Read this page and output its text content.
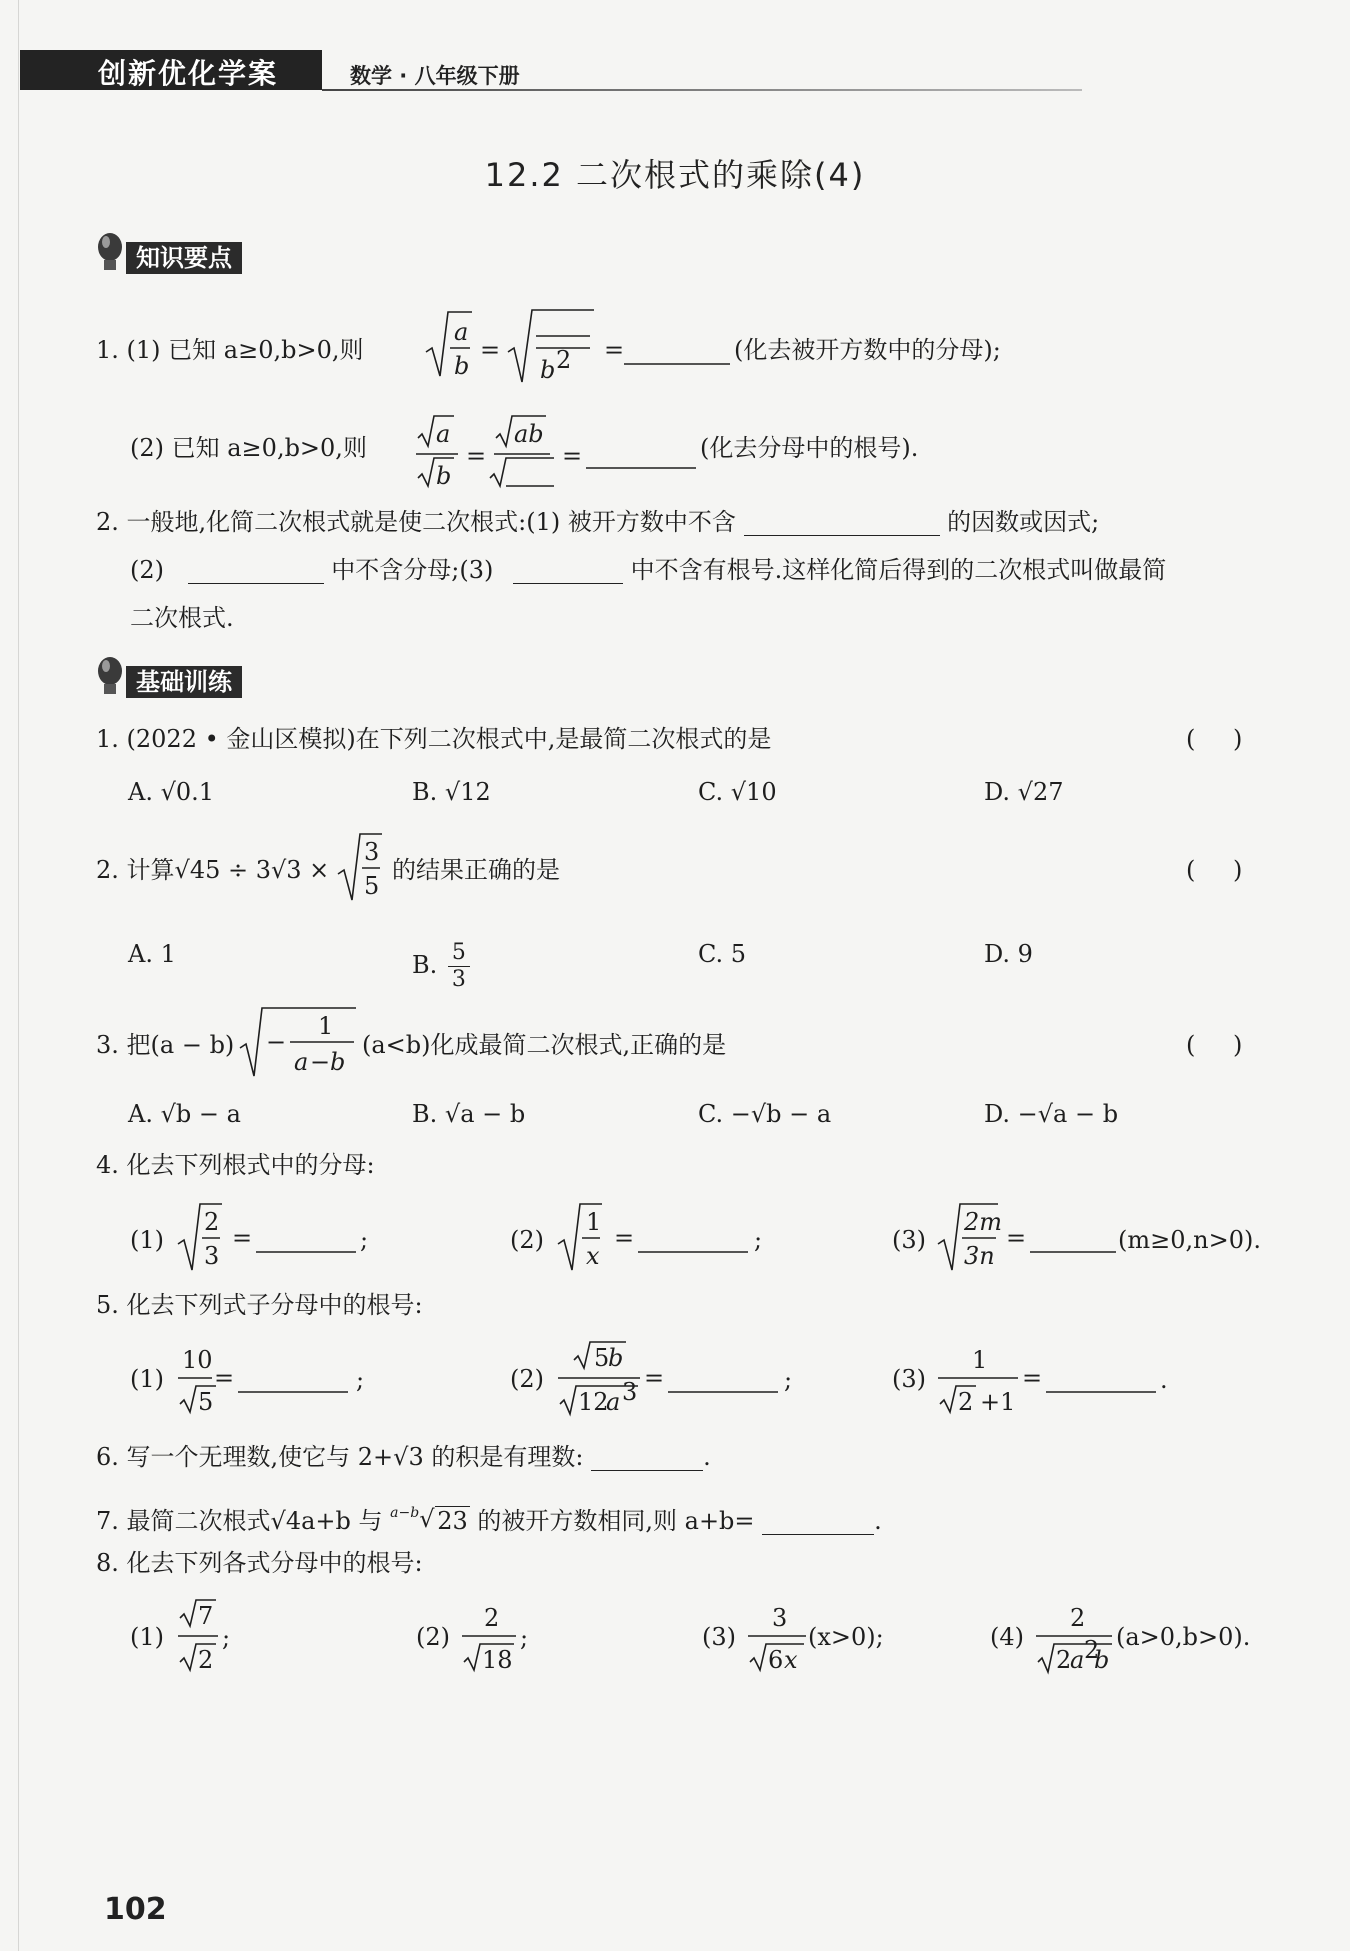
创新优化学案	数学 · 八年级下册
12.2 二次根式的乘除(4)
知识要点
1. (1) 已知 a≥0,b>0,则
a
b
=
b 2 =	(化去被开方数中的分母);
(2) 已知 a≥0,b>0,则	a
b
=
ab
=	(化去分母中的根号).
2. 一般地,化简二次根式就是使二次根式:(1) 被开方数中不含	的因数或因式;
(2)	中不含分母;(3)	中不含有根号.这样化简后得到的二次根式叫做最简
二次根式.
基础训练
1. (2022 • 金山区模拟)在下列二次根式中,是最简二次根式的是	( )
A. √0.1	B. √12	C. √10	D. √27
2. 计算√45 ÷ 3√3 ×
3
5
的结果正确的是	( )
A. 1	B. $\frac{5}{3}$	C. 5	D. 9
3. 把(a − b) −
1
a − b
(a<b)化成最简二次根式,正确的是	( )
A. √b − a	B. √a − b	C. −√b − a	D. −√a − b
4. 化去下列根式中的分母:
(1)
2
3
=	;	(2)
1
x
=	;	(3)
2m
3n
=	(m≥0,n>0).
5. 化去下列式子分母中的根号:
(1)
10
5
=	;	(2)
5
b
12
a 3 =	;	(3)
1
2 +1
=	.
6. 写一个无理数,使它与 2+√3 的积是有理数:	.
7. 最简二次根式√4a+b 与 $^{a-b}$√ 23 的被开方数相同,则 a+b=	.
8. 化去下列各式分母中的根号:
(1)
7
2
;	(2)
2
18
;	(3)
3
6 x
(x>0);	(4)
2
2
a 2
b
(a>0,b>0).
102
